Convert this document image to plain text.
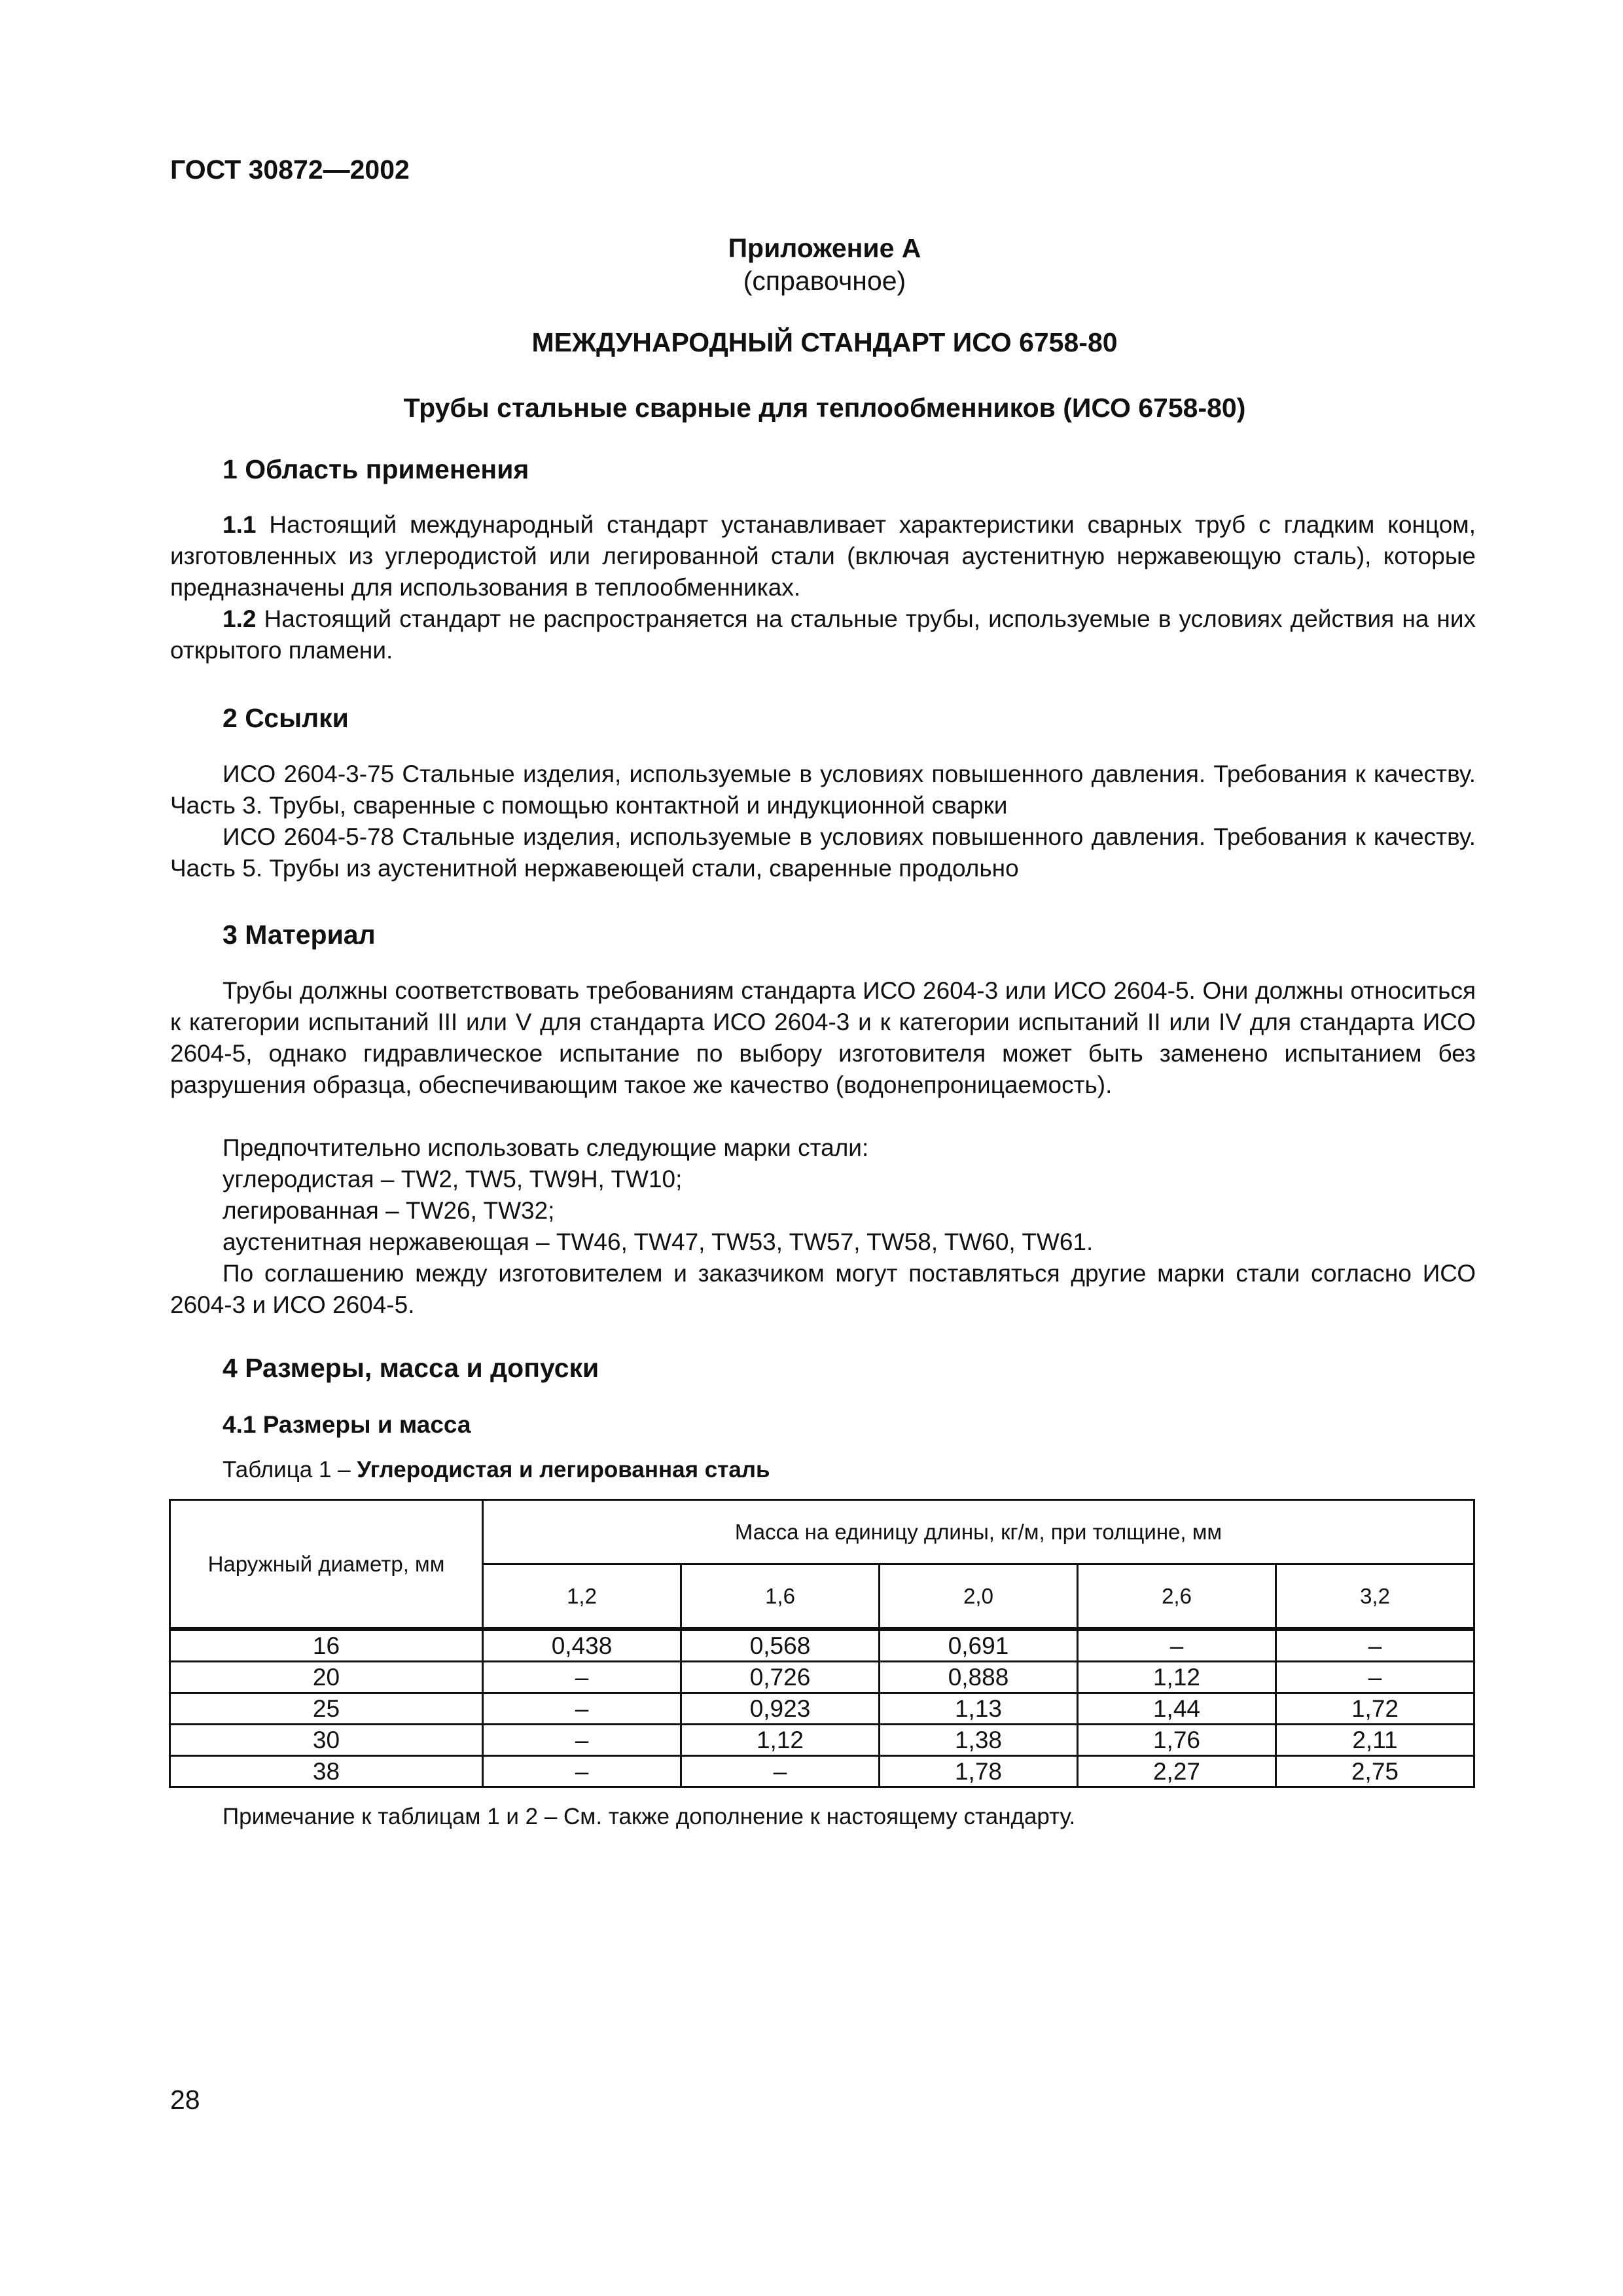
ГОСТ 30872—2002
Приложение А
(справочное)
МЕЖДУНАРОДНЫЙ СТАНДАРТ ИСО 6758-80
Трубы стальные сварные для теплообменников (ИСО 6758-80)
1 Область применения
1.1 Настоящий международный стандарт устанавливает характеристики сварных труб с гладким концом, изготовленных из углеродистой или легированной стали (включая аустенитную нержавеющую сталь), которые предназначены для использования в теплообменниках.
1.2 Настоящий стандарт не распространяется на стальные трубы, используемые в условиях действия на них открытого пламени.
2 Ссылки
ИСО 2604-3-75 Стальные изделия, используемые в условиях повышенного давления. Требования к качеству. Часть 3. Трубы, сваренные с помощью контактной и индукционной сварки
ИСО 2604-5-78 Стальные изделия, используемые в условиях повышенного давления. Требования к качеству. Часть 5. Трубы из аустенитной нержавеющей стали, сваренные продольно
3 Материал
Трубы должны соответствовать требованиям стандарта ИСО 2604-3 или ИСО 2604-5. Они должны относиться к категории испытаний III или V для стандарта ИСО 2604-3 и к категории испытаний II или IV для стандарта ИСО 2604-5, однако гидравлическое испытание по выбору изготовителя может быть заменено испытанием без разрушения образца, обеспечивающим такое же качество (водонепроницаемость).
Предпочтительно использовать следующие марки стали:
углеродистая – TW2, TW5, TW9H, TW10;
легированная – TW26, TW32;
аустенитная нержавеющая – TW46, TW47, TW53, TW57, TW58, TW60, TW61.
По соглашению между изготовителем и заказчиком могут поставляться другие марки стали согласно ИСО 2604-3 и ИСО 2604-5.
4 Размеры, масса и допуски
4.1 Размеры и масса
Таблица 1 – Углеродистая и легированная сталь
Наружный диаметр, мм	Масса на единицу длины, кг/м, при толщине, мм				
	1,2	1,6	2,0	2,6	3,2
16	0,438	0,568	0,691	–	–
20	–	0,726	0,888	1,12	–
25	–	0,923	1,13	1,44	1,72
30	–	1,12	1,38	1,76	2,11
38	–	–	1,78	2,27	2,75
Примечание к таблицам 1 и 2 – См. также дополнение к настоящему стандарту.
28
